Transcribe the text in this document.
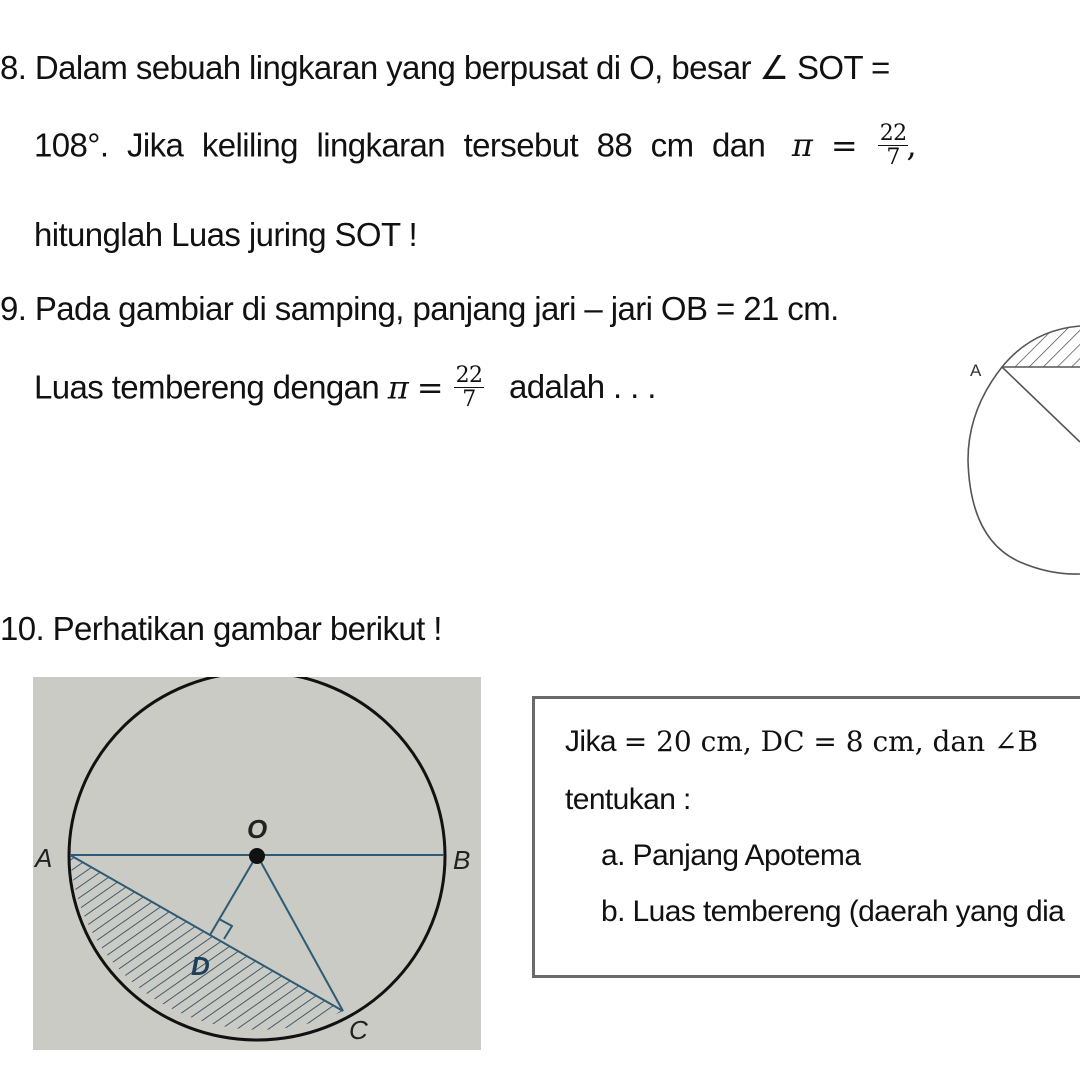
8. Dalam sebuah lingkaran yang berpusat di O, besar ∠ SOT =
108°. Jika keliling lingkaran tersebut 88 cm dan $\pi = \frac{22}{7}$
,
hitunglah Luas juring SOT !
9. Pada gambiar di samping, panjang jari – jari OB = 21 cm.
Luas tembereng dengan $\pi = \frac{22}{7}$ adalah . . .	A
10. Perhatikan gambar berikut !
O
A	B
D
C
Jika = 20 cm, DC = 8 cm, dan ∠B
tentukan :
a. Panjang Apotema
b. Luas tembereng (daerah yang dia
